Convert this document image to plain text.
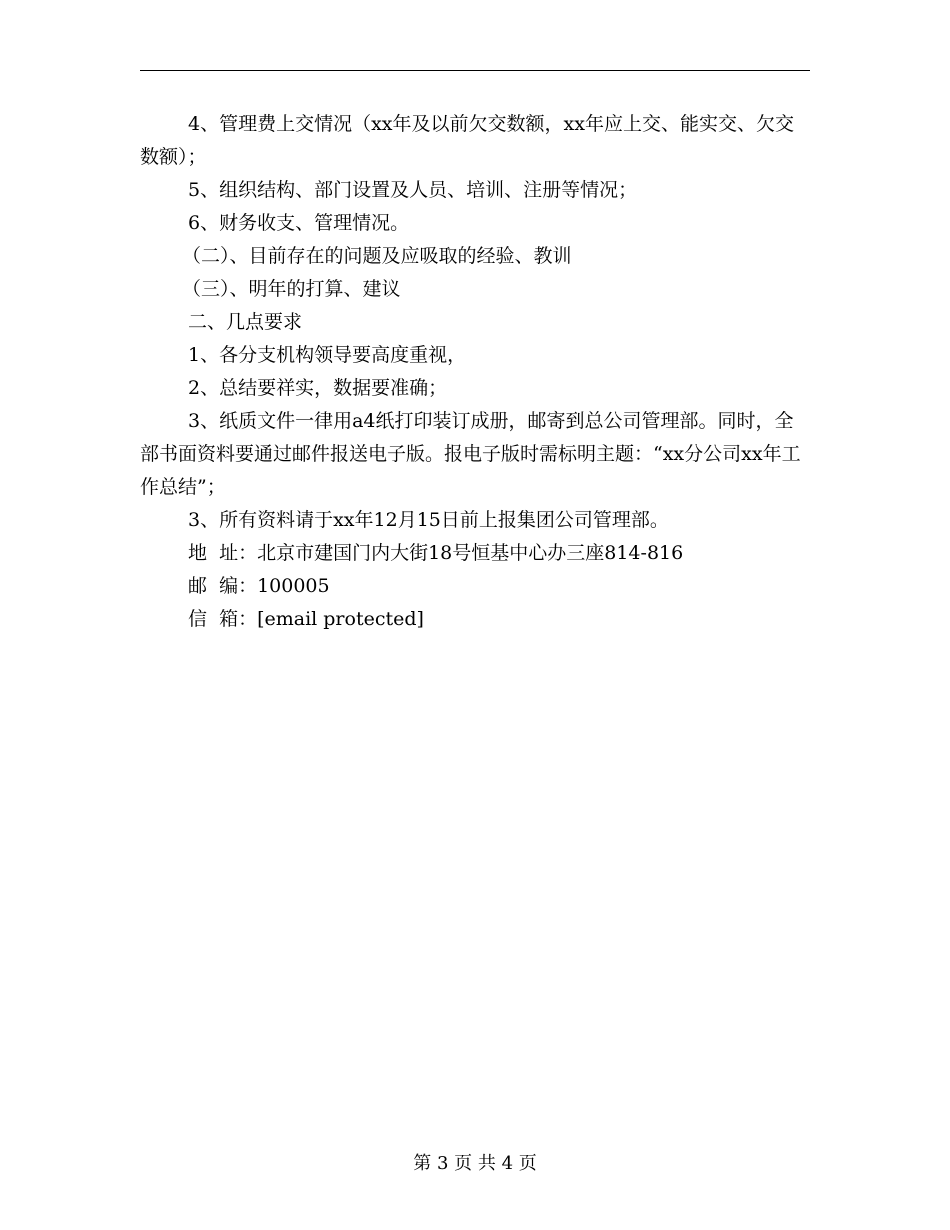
4、管理费上交情况（xx年及以前欠交数额，xx年应上交、能实交、欠交数额）；

5、组织结构、部门设置及人员、培训、注册等情况；

6、财务收支、管理情况。

（二）、目前存在的问题及应吸取的经验、教训

（三）、明年的打算、建议

二、几点要求

1、各分支机构领导要高度重视，

2、总结要祥实，数据要准确；

3、纸质文件一律用a4纸打印装订成册，邮寄到总公司管理部。同时，全部书面资料要通过邮件报送电子版。报电子版时需标明主题：“xx分公司xx年工作总结”；

3、所有资料请于xx年12月15日前上报集团公司管理部。

地  址：北京市建国门内大街18号恒基中心办三座814-816

邮  编：100005

信  箱：[email protected]

第 3 页 共 4 页
